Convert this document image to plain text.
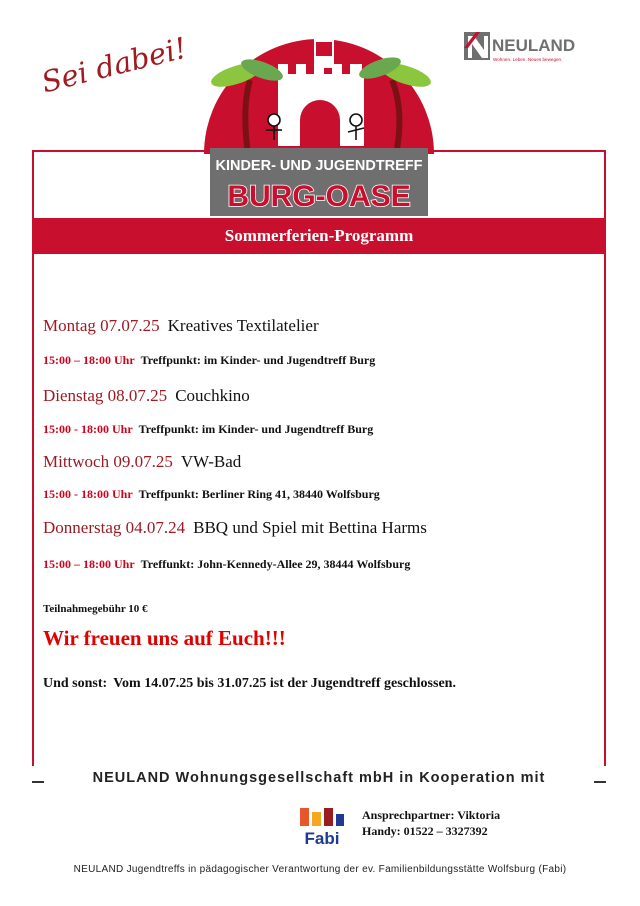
Sommerferien-Programm
Sei dabei!
KINDER- UND JUGENDTREFF
BURG-OASE
NEULAND
Wohnen. Leben. Neues bewegen.
Montag 07.07.25 Kreatives Textilatelier
15:00 – 18:00 Uhr Treffpunkt: im Kinder- und Jugendtreff Burg
Dienstag 08.07.25 Couchkino
15:00 - 18:00 Uhr Treffpunkt: im Kinder- und Jugendtreff Burg
Mittwoch 09.07.25 VW-Bad
15:00 - 18:00 Uhr Treffpunkt: Berliner Ring 41, 38440 Wolfsburg
Donnerstag 04.07.24 BBQ und Spiel mit Bettina Harms
15:00 – 18:00 Uhr Treffunkt: John-Kennedy-Allee 29, 38444 Wolfsburg
Teilnahmegebühr 10 €
Wir freuen uns auf Euch!!!
Und sonst: Vom 14.07.25 bis 31.07.25 ist der Jugendtreff geschlossen.
NEULAND Wohnungsgesellschaft mbH in Kooperation mit
Fabi
Ansprechpartner: Viktoria
Handy: 01522 – 3327392
NEULAND Jugendtreffs in pädagogischer Verantwortung der ev. Familienbildungsstätte Wolfsburg (Fabi)
